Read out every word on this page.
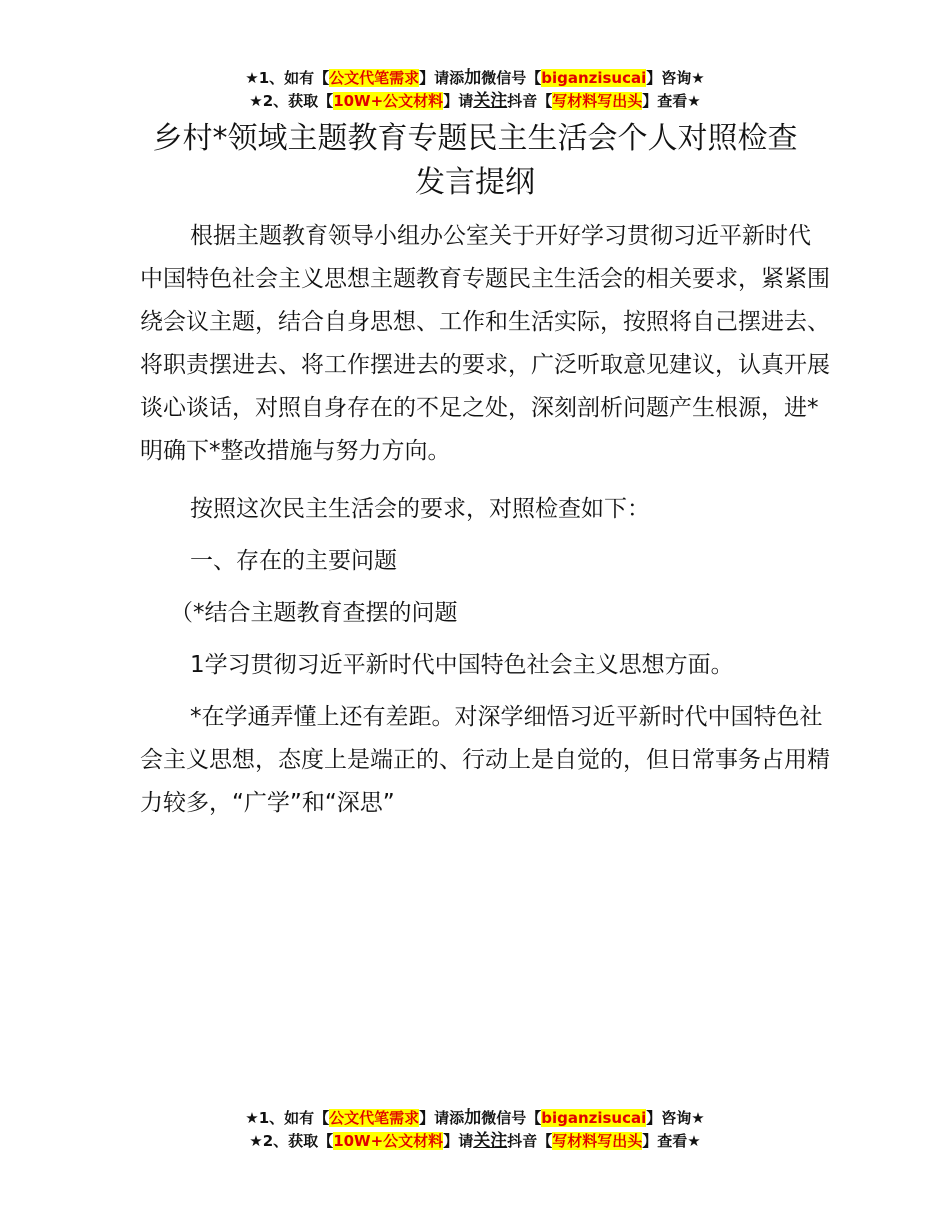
★1、如有【公文代笔需求】请添加微信号【biganzisucai】咨询★
★2、获取【10W+公文材料】请关注抖音【写材料写出头】查看★
乡村*领域主题教育专题民主生活会个人对照检查发言提纲

根据主题教育领导小组办公室关于开好学习贯彻习近平新时代中国特色社会主义思想主题教育专题民主生活会的相关要求，紧紧围绕会议主题，结合自身思想、工作和生活实际，按照将自己摆进去、将职责摆进去、将工作摆进去的要求，广泛听取意见建议，认真开展谈心谈话，对照自身存在的不足之处，深刻剖析问题产生根源，进*明确下*整改措施与努力方向。

按照这次民主生活会的要求，对照检查如下：

一、存在的主要问题

（*结合主题教育查摆的问题

1学习贯彻习近平新时代中国特色社会主义思想方面。

*在学通弄懂上还有差距。对深学细悟习近平新时代中国特色社会主义思想，态度上是端正的、行动上是自觉的，但日常事务占用精力较多，“广学”和“深思”

★1、如有【公文代笔需求】请添加微信号【biganzisucai】咨询★
★2、获取【10W+公文材料】请关注抖音【写材料写出头】查看★
